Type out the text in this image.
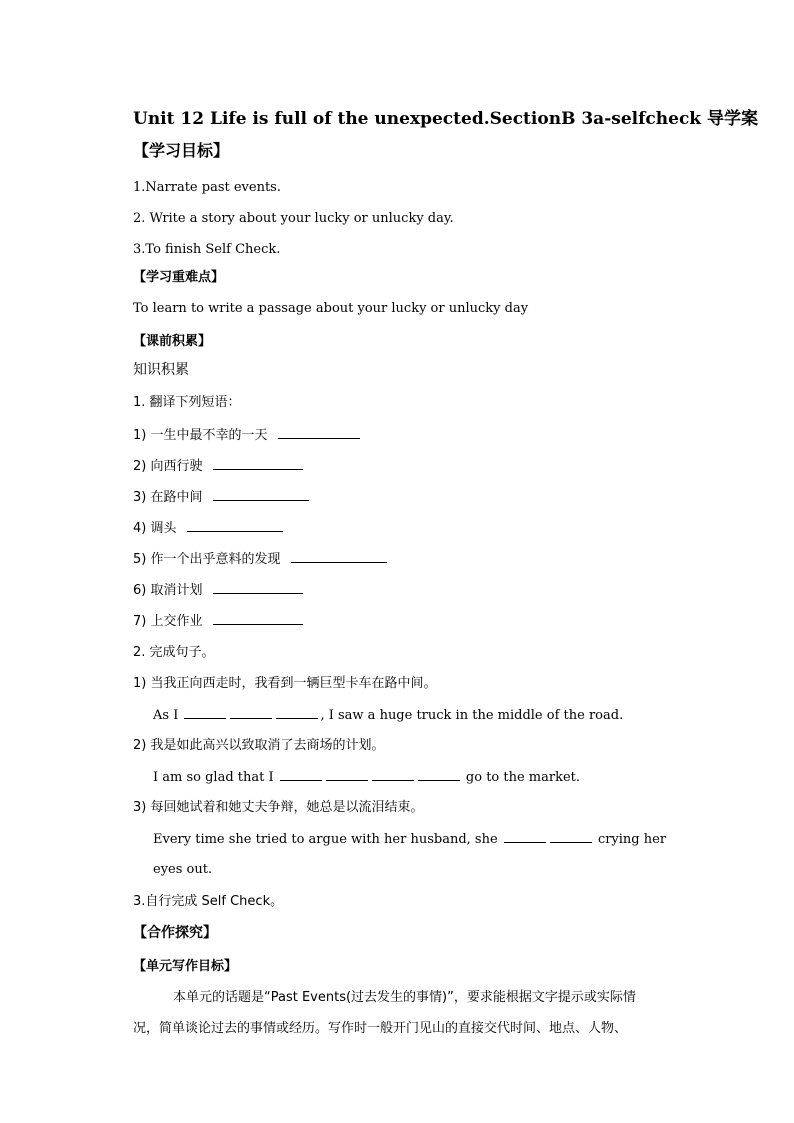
Unit 12 Life is full of the unexpected.SectionB 3a-selfcheck 导学案
【学习目标】
1.Narrate past events.
2. Write a story about your lucky or unlucky day.
3.To finish Self Check.
【学习重难点】
To learn to write a passage about your lucky or unlucky day
【课前积累】
知识积累
1. 翻译下列短语：
1) 一生中最不幸的一天
2) 向西行驶
3) 在路中间
4) 调头
5) 作一个出乎意料的发现
6) 取消计划
7) 上交作业
2. 完成句子。
1) 当我正向西走时，我看到一辆巨型卡车在路中间。
As I	, I saw a huge truck in the middle of the road.
2) 我是如此高兴以致取消了去商场的计划。
I am so glad that I	go to the market.
3) 每回她试着和她丈夫争辩，她总是以流泪结束。
Every time she tried to argue with her husband, she	crying her
eyes out.
3.自行完成 Self Check。
【合作探究】
【单元写作目标】
本单元的话题是“Past Events(过去发生的事情)”，要求能根据文字提示或实际情况，简单谈论过去的事情或经历。写作时一般开门见山的直接交代时间、地点、人物、
